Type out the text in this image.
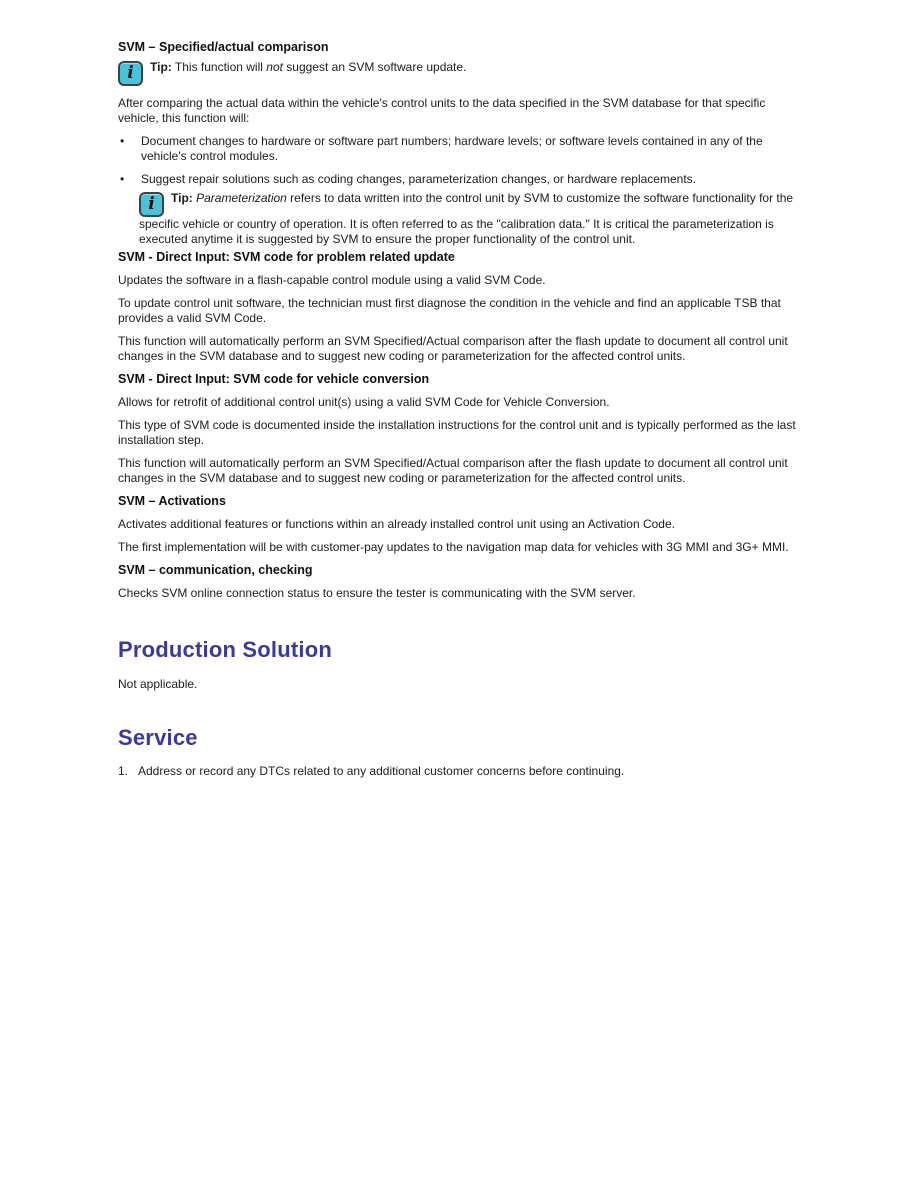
SVM – Specified/actual comparison
i	Tip: This function will not suggest an SVM software update.

After comparing the actual data within the vehicle's control units to the data specified in the SVM database for that specific vehicle, this function will:

•	Document changes to hardware or software part numbers; hardware levels; or software levels contained in any of the vehicle's control modules.
•	Suggest repair solutions such as coding changes, parameterization changes, or hardware replacements.
i	Tip: Parameterization refers to data written into the control unit by SVM to customize the software functionality for the specific vehicle or country of operation. It is often referred to as the "calibration data." It is critical the parameterization is executed anytime it is suggested by SVM to ensure the proper functionality of the control unit.
SVM - Direct Input: SVM code for problem related update

Updates the software in a flash-capable control module using a valid SVM Code.

To update control unit software, the technician must first diagnose the condition in the vehicle and find an applicable TSB that provides a valid SVM Code.

This function will automatically perform an SVM Specified/Actual comparison after the flash update to document all control unit changes in the SVM database and to suggest new coding or parameterization for the affected control units.

SVM - Direct Input: SVM code for vehicle conversion

Allows for retrofit of additional control unit(s) using a valid SVM Code for Vehicle Conversion.

This type of SVM code is documented inside the installation instructions for the control unit and is typically performed as the last installation step.

This function will automatically perform an SVM Specified/Actual comparison after the flash update to document all control unit changes in the SVM database and to suggest new coding or parameterization for the affected control units.

SVM – Activations

Activates additional features or functions within an already installed control unit using an Activation Code.

The first implementation will be with customer-pay updates to the navigation map data for vehicles with 3G MMI and 3G+ MMI.

SVM – communication, checking

Checks SVM online connection status to ensure the tester is communicating with the SVM server.

Production Solution

Not applicable.

Service
1. Address or record any DTCs related to any additional customer concerns before continuing.
